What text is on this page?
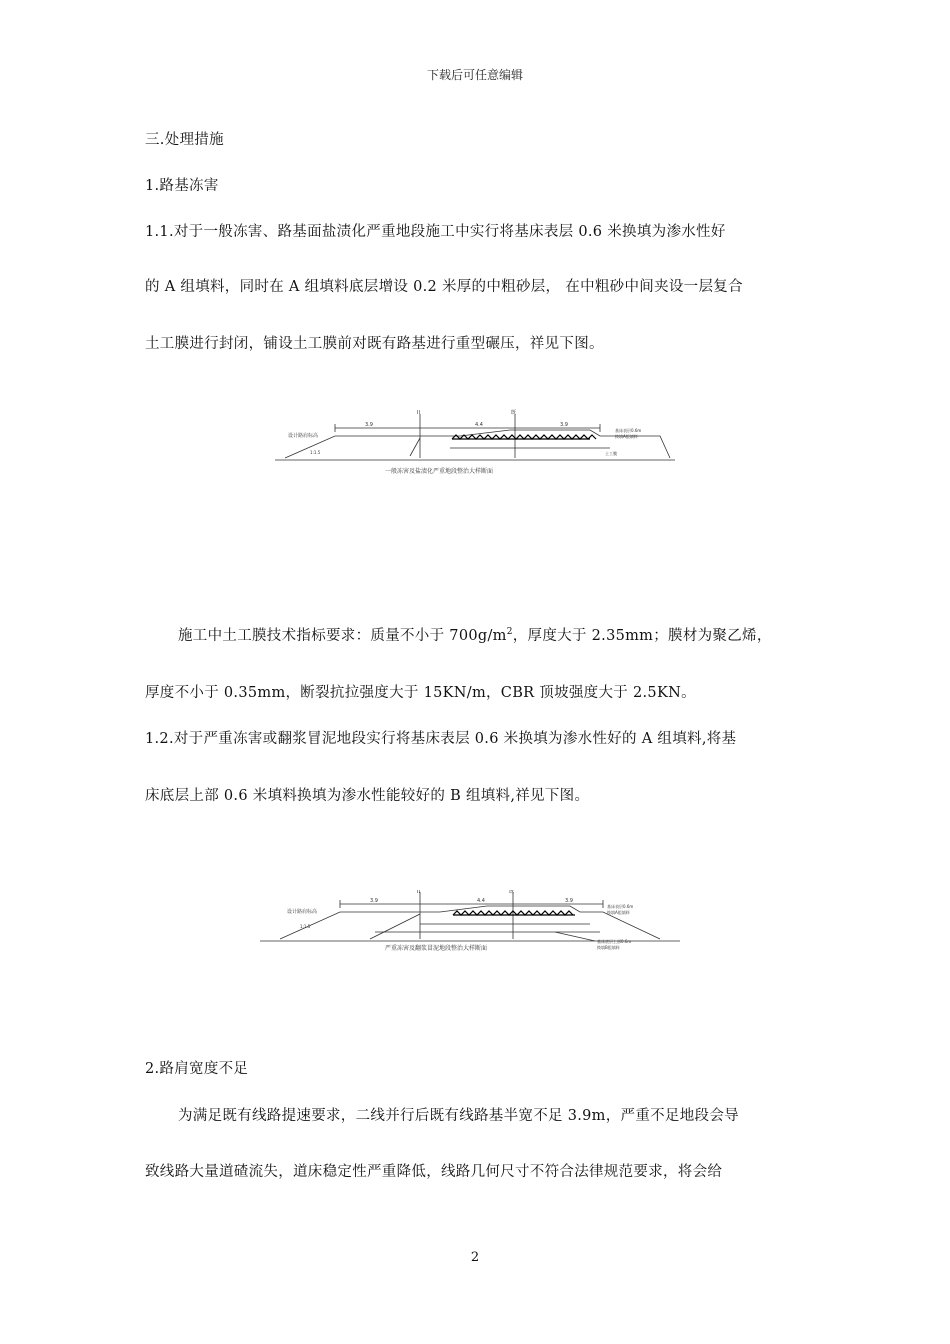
下载后可任意编辑
三.处理措施
1.路基冻害
1.1.对于一般冻害、路基面盐渍化严重地段施工中实行将基床表层 0.6 米换填为渗水性好
的 A 组填料，同时在 A 组填料底层增设 0.2 米厚的中粗砂层， 在中粗砂中间夹设一层复合
土工膜进行封闭，铺设土工膜前对既有路基进行重型碾压，祥见下图。
设计路肩标高
3.9	4.4	3.9
II	既
基床表层0.6m
换填A组填料
土工膜
1:1.5
一般冻害及盐渍化严重地段整治大样断面
施工中土工膜技术指标要求：质量不小于 $700g/m^2$，厚度大于 2.35mm；膜材为聚乙烯，
厚度不小于 0.35mm，断裂抗拉强度大于 15KN/m，CBR 顶坡强度大于 2.5KN。
1.2.对于严重冻害或翻浆冒泥地段实行将基床表层 0.6 米换填为渗水性好的 A 组填料,将基
床底层上部 0.6 米填料换填为渗水性能较好的 B 组填料,祥见下图。
设计路肩标高
3.9	4.4	3.9
II	既
基床表层0.6m
换填A组填料
基床底层上部0.6m
换填B组填料
1:1.5
严重冻害及翻浆冒泥地段整治大样断面
2.路肩宽度不足
为满足既有线路提速要求，二线并行后既有线路基半宽不足 3.9m，严重不足地段会导
致线路大量道碴流失，道床稳定性严重降低，线路几何尺寸不符合法律规范要求，将会给
2
